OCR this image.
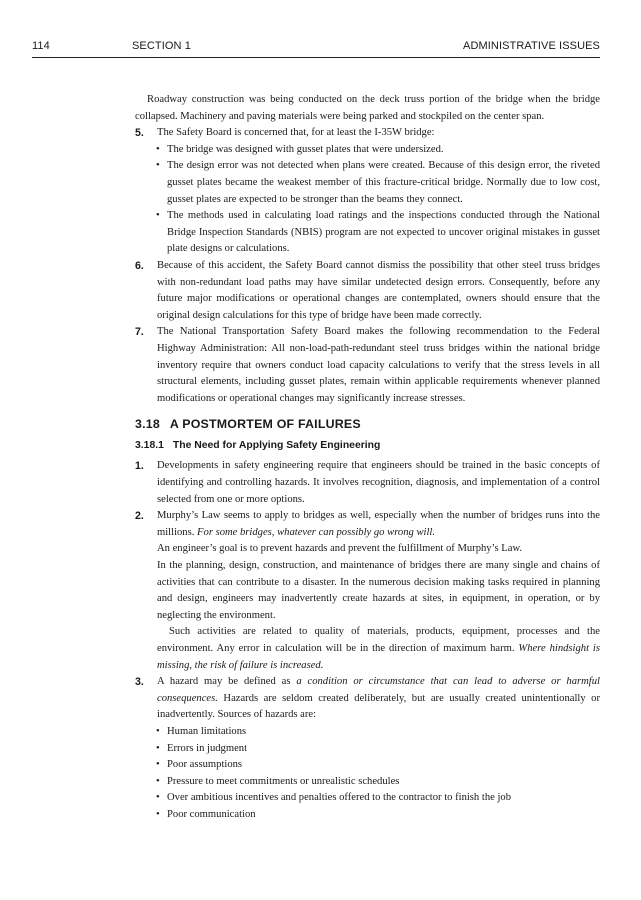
114	SECTION 1	ADMINISTRATIVE ISSUES

Roadway construction was being conducted on the deck truss portion of the bridge when the bridge collapsed. Machinery and paving materials were being parked and stockpiled on the center span.

5. The Safety Board is concerned that, for at least the I-35W bridge:

• The bridge was designed with gusset plates that were undersized.

• The design error was not detected when plans were created. Because of this design error, the riveted gusset plates became the weakest member of this fracture-critical bridge. Normally due to low cost, gusset plates are expected to be stronger than the beams they connect.

• The methods used in calculating load ratings and the inspections conducted through the National Bridge Inspection Standards (NBIS) program are not expected to uncover original mistakes in gusset plate designs or calculations.

6. Because of this accident, the Safety Board cannot dismiss the possibility that other steel truss bridges with non-redundant load paths may have similar undetected design errors. Consequently, before any future major modifications or operational changes are contemplated, owners should ensure that the original design calculations for this type of bridge have been made correctly.

7. The National Transportation Safety Board makes the following recommendation to the Federal Highway Administration: All non-load-path-redundant steel truss bridges within the national bridge inventory require that owners conduct load capacity calculations to verify that the stress levels in all structural elements, including gusset plates, remain within applicable requirements whenever planned modifications or operational changes may significantly increase stresses.

3.18 A POSTMORTEM OF FAILURES
3.18.1 The Need for Applying Safety Engineering
1. Developments in safety engineering require that engineers should be trained in the basic concepts of identifying and controlling hazards. It involves recognition, diagnosis, and implementation of a control selected from one or more options.

2. Murphy’s Law seems to apply to bridges as well, especially when the number of bridges runs into the millions. For some bridges, whatever can possibly go wrong will.

An engineer’s goal is to prevent hazards and prevent the fulfillment of Murphy’s Law.

In the planning, design, construction, and maintenance of bridges there are many single and chains of activities that can contribute to a disaster. In the numerous decision making tasks required in planning and design, engineers may inadvertently create hazards at sites, in equipment, in operation, or by neglecting the environment.

Such activities are related to quality of materials, products, equipment, processes and the environment. Any error in calculation will be in the direction of maximum harm. Where hindsight is missing, the risk of failure is increased.

3. A hazard may be defined as a condition or circumstance that can lead to adverse or harmful consequences. Hazards are seldom created deliberately, but are usually created unintentionally or inadvertently. Sources of hazards are:

• Human limitations

• Errors in judgment

• Poor assumptions

• Pressure to meet commitments or unrealistic schedules

• Over ambitious incentives and penalties offered to the contractor to finish the job

• Poor communication
